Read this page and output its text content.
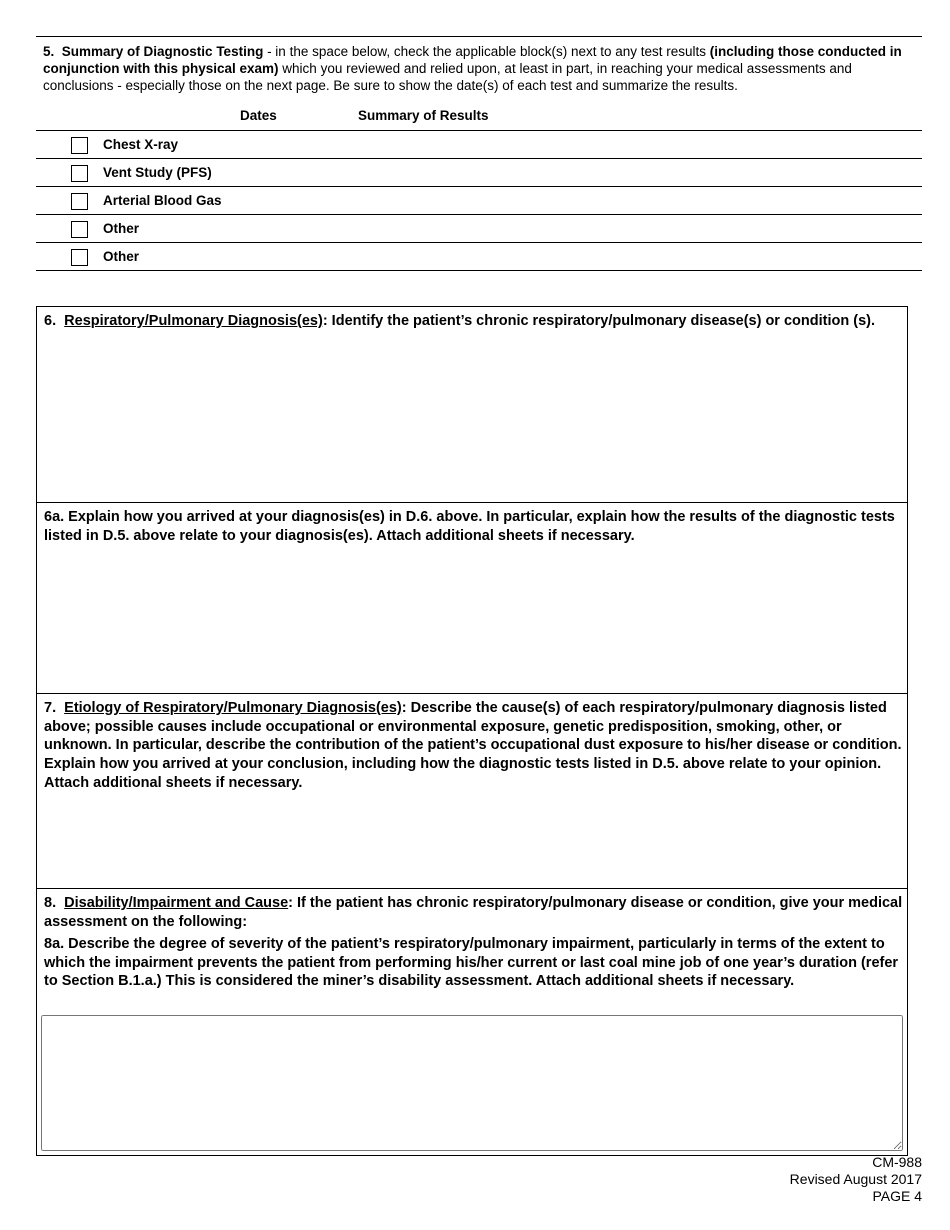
5. Summary of Diagnostic Testing - in the space below, check the applicable block(s) next to any test results (including those conducted in conjunction with this physical exam) which you reviewed and relied upon, at least in part, in reaching your medical assessments and conclusions - especially those on the next page. Be sure to show the date(s) of each test and summarize the results.
Dates	Summary of Results
Chest X-ray
Vent Study (PFS)
Arterial Blood Gas
Other
Other
6. Respiratory/Pulmonary Diagnosis(es): Identify the patient’s chronic respiratory/pulmonary disease(s) or condition (s).
6a. Explain how you arrived at your diagnosis(es) in D.6. above. In particular, explain how the results of the diagnostic tests listed in D.5. above relate to your diagnosis(es). Attach additional sheets if necessary.
7. Etiology of Respiratory/Pulmonary Diagnosis(es): Describe the cause(s) of each respiratory/pulmonary diagnosis listed above; possible causes include occupational or environmental exposure, genetic predisposition, smoking, other, or unknown. In particular, describe the contribution of the patient’s occupational dust exposure to his/her disease or condition. Explain how you arrived at your conclusion, including how the diagnostic tests listed in D.5. above relate to your opinion. Attach additional sheets if necessary.
8. Disability/Impairment and Cause: If the patient has chronic respiratory/pulmonary disease or condition, give your medical assessment on the following:
8a. Describe the degree of severity of the patient’s respiratory/pulmonary impairment, particularly in terms of the extent to which the impairment prevents the patient from performing his/her current or last coal mine job of one year’s duration (refer to Section B.1.a.) This is considered the miner’s disability assessment. Attach additional sheets if necessary.
CM-988
Revised August 2017
PAGE 4
